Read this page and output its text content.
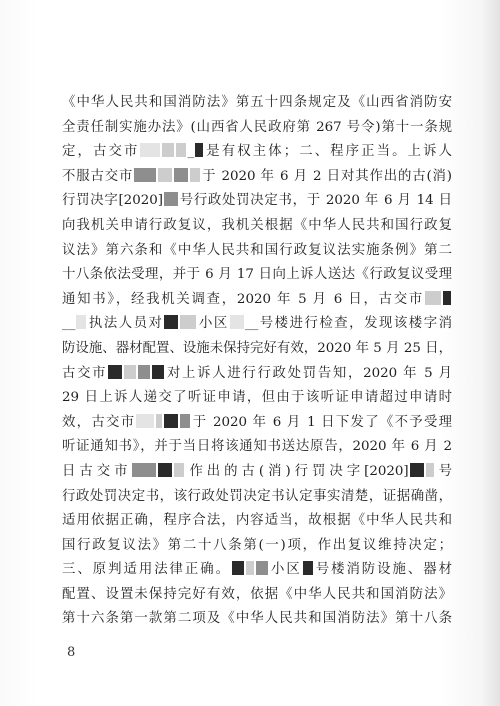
《中华人民共和国消防法》第五十四条规定及《山西省消防安
全责任制实施办法》(山西省人民政府第 267 号令)第十一条规
定，古交市	_ 是有权主体；二、程序正当。上诉人
不服古交市	于 2020 年 6 月 2 日对其作出的古(消)
行罚决字[2020] 号行政处罚决定书，于 2020 年 6 月 14 日
向我机关申请行政复议，我机关根据《中华人民共和国行政复
议法》第六条和《中华人民共和国行政复议法实施条例》第二
十八条依法受理，并于 6 月 17 日向上诉人送达《行政复议受理
通知书》，经我机关调查，2020 年 5 月 6 日，古交市
__ 执法人员对	小区 __号楼进行检查，发现该楼字消
防设施、器材配置、设施未保持完好有效，2020 年 5 月 25 日，
古交市	对上诉人进行行政处罚告知，2020 年 5 月
29 日上诉人递交了听证申请，但由于该听证申请超过申请时
效，古交市	于 2020 年 6 月 1 日下发了《不予受理
听证通知书》，并于当日将该通知书送达原告，2020 年 6 月 2
日古交市	作出的古(消)行罚决字[2020] 号
行政处罚决定书，该行政处罚决定书认定事实清楚，证据确凿，
适用依据正确，程序合法，内容适当，故根据《中华人民共和
国行政复议法》第二十八条第(一)项，作出复议维持决定；
三、原判适用法律正确。	小区 号楼消防设施、器材
配置、设置未保持完好有效，依据《中华人民共和国消防法》
第十六条第一款第二项及《中华人民共和国消防法》第十八条
8
